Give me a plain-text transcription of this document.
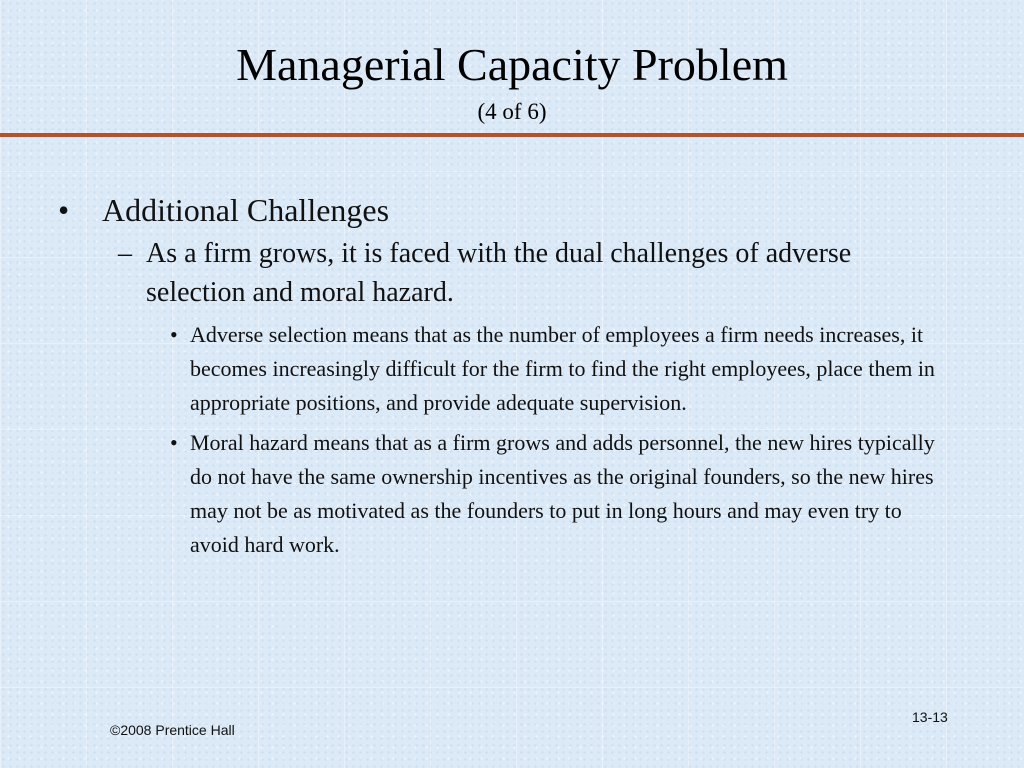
Managerial Capacity Problem
(4 of 6)
•	Additional Challenges
– As a firm grows, it is faced with the dual challenges of adverse selection and moral hazard.
• Adverse selection means that as the number of employees a firm needs increases, it becomes increasingly difficult for the firm to find the right employees, place them in appropriate positions, and provide adequate supervision.
• Moral hazard means that as a firm grows and adds personnel, the new hires typically do not have the same ownership incentives as the original founders, so the new hires may not be as motivated as the founders to put in long hours and may even try to avoid hard work.
©2008 Prentice Hall
13-13
